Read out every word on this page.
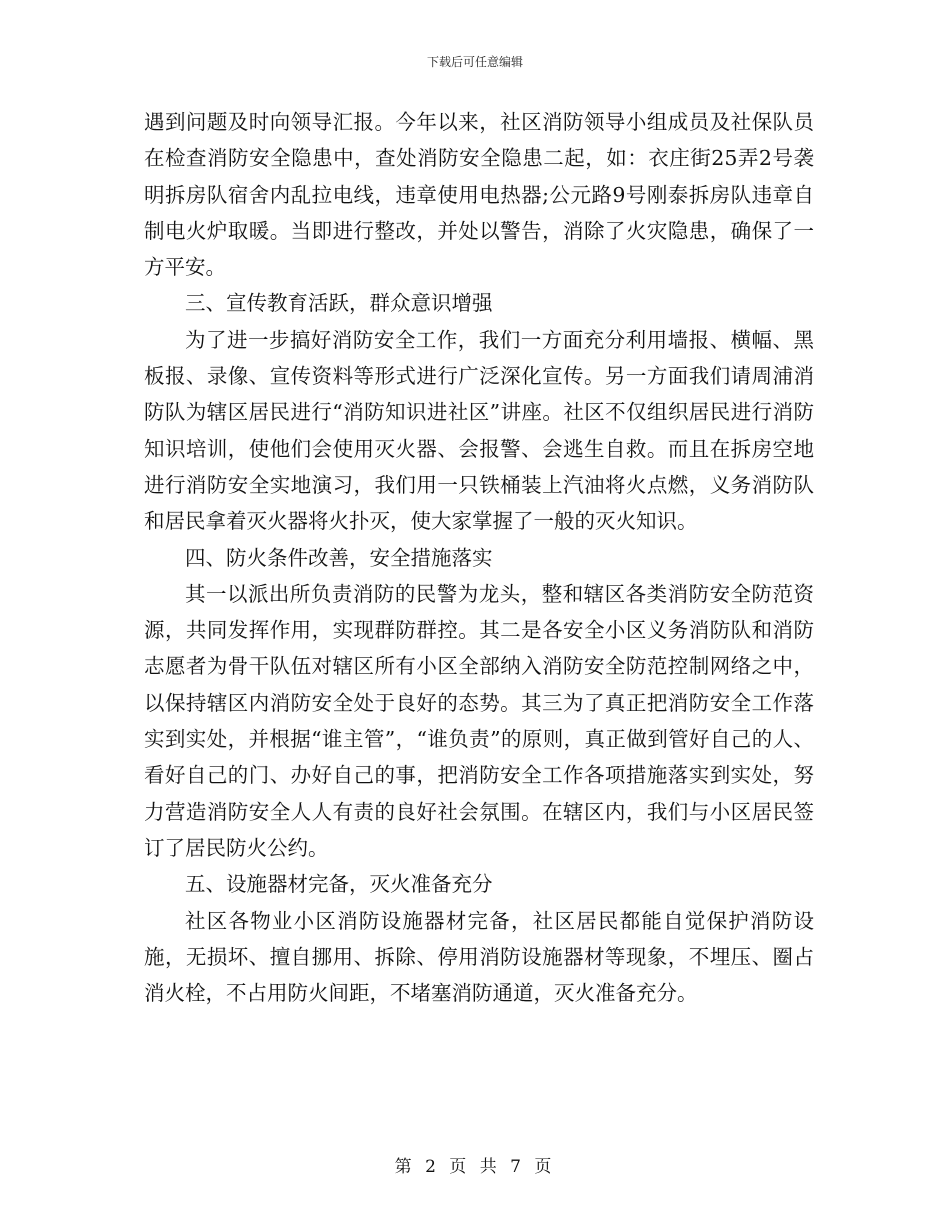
下载后可任意编辑

遇到问题及时向领导汇报。今年以来，社区消防领导小组成员及社保队员在检查消防安全隐患中，查处消防安全隐患二起，如：衣庄街25弄2号袭明拆房队宿舍内乱拉电线，违章使用电热器;公元路9号刚泰拆房队违章自制电火炉取暖。当即进行整改，并处以警告，消除了火灾隐患，确保了一方平安。

三、宣传教育活跃，群众意识增强

为了进一步搞好消防安全工作，我们一方面充分利用墙报、横幅、黑板报、录像、宣传资料等形式进行广泛深化宣传。另一方面我们请周浦消防队为辖区居民进行“消防知识进社区”讲座。社区不仅组织居民进行消防知识培训，使他们会使用灭火器、会报警、会逃生自救。而且在拆房空地进行消防安全实地演习，我们用一只铁桶装上汽油将火点燃，义务消防队和居民拿着灭火器将火扑灭，使大家掌握了一般的灭火知识。

四、防火条件改善，安全措施落实

其一以派出所负责消防的民警为龙头，整和辖区各类消防安全防范资源，共同发挥作用，实现群防群控。其二是各安全小区义务消防队和消防志愿者为骨干队伍对辖区所有小区全部纳入消防安全防范控制网络之中，以保持辖区内消防安全处于良好的态势。其三为了真正把消防安全工作落实到实处，并根据“谁主管”，“谁负责”的原则，真正做到管好自己的人、看好自己的门、办好自己的事，把消防安全工作各项措施落实到实处，努力营造消防安全人人有责的良好社会氛围。在辖区内，我们与小区居民签订了居民防火公约。

五、设施器材完备，灭火准备充分

社区各物业小区消防设施器材完备，社区居民都能自觉保护消防设施，无损坏、擅自挪用、拆除、停用消防设施器材等现象，不埋压、圈占消火栓，不占用防火间距，不堵塞消防通道，灭火准备充分。

第 2 页 共 7 页
